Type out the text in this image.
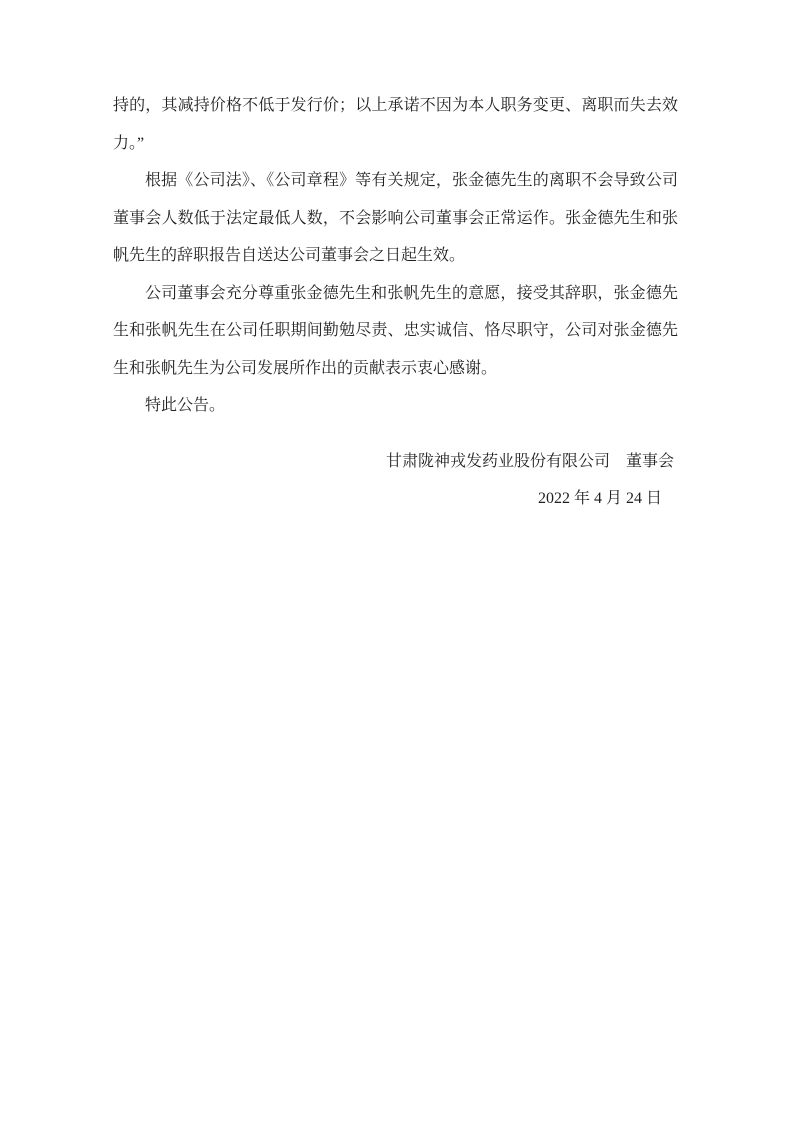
持的，其减持价格不低于发行价；以上承诺不因为本人职务变更、离职而失去效
力。”
根据《公司法》、《公司章程》等有关规定，张金德先生的离职不会导致公司
董事会人数低于法定最低人数，不会影响公司董事会正常运作。张金德先生和张
帆先生的辞职报告自送达公司董事会之日起生效。
公司董事会充分尊重张金德先生和张帆先生的意愿，接受其辞职，张金德先
生和张帆先生在公司任职期间勤勉尽责、忠实诚信、恪尽职守，公司对张金德先
生和张帆先生为公司发展所作出的贡献表示衷心感谢。
特此公告。
甘肃陇神戎发药业股份有限公司　董事会
2022 年 4 月 24 日
